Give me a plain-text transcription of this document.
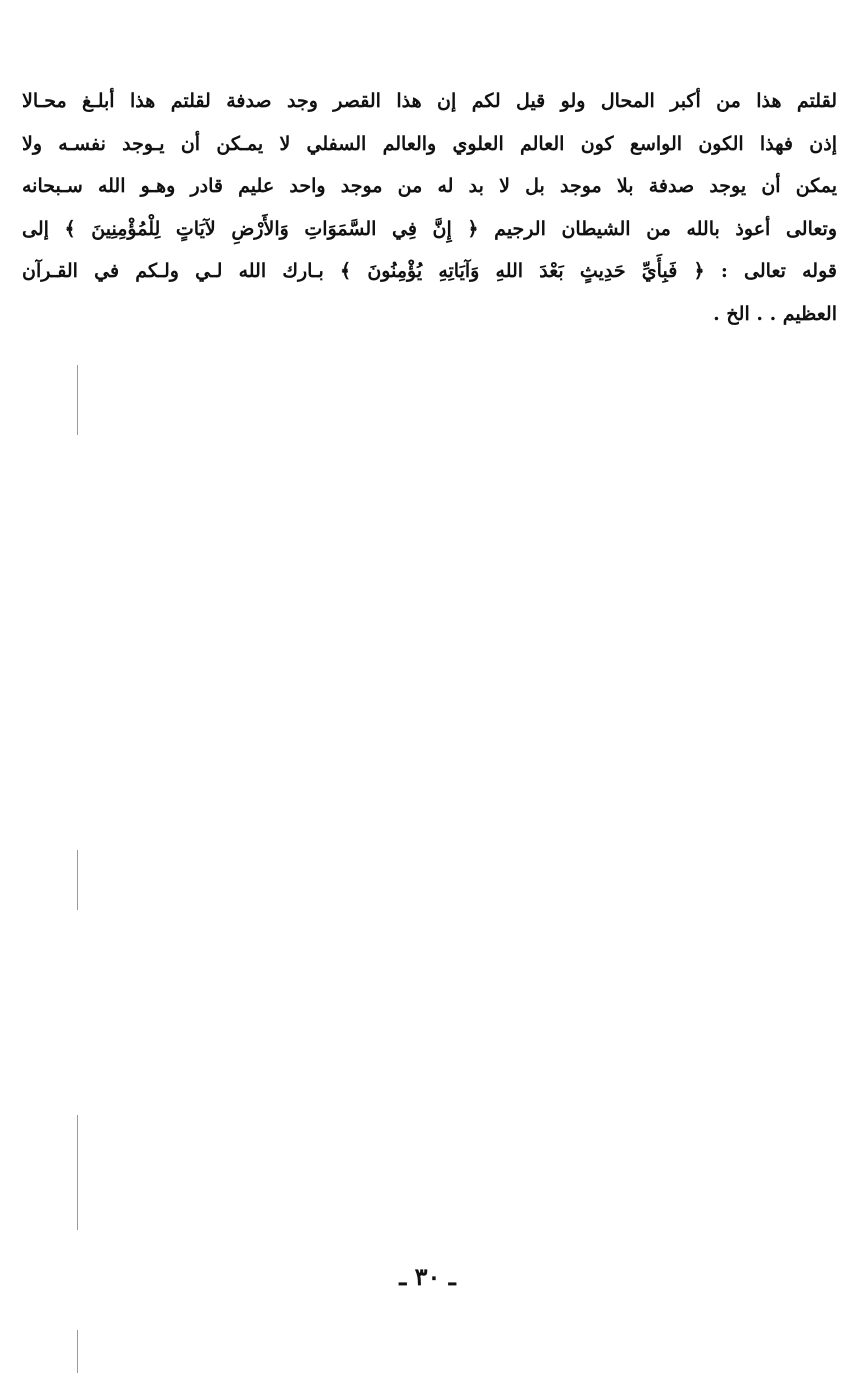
لقلتم هذا من أكبر المحال ولو قيل لكم إن هذا القصر وجد صدفة لقلتم هذا أبلـغ محـالا
إذن فهذا الكون الواسع كون العالم العلوي والعالم السفلي لا يمـكن أن يـوجد نفسـه ولا
يمكن أن يوجد صدفة بلا موجد بل لا بد له من موجد واحد عليم قادر وهـو الله سـبحانه
وتعالى أعوذ بالله من الشيطان الرجيم ﴿ إِنَّ فِي السَّمَوَاتِ وَالأَرْضِ لآيَاتٍ لِلْمُؤْمِنِينَ ﴾ إلى
قوله تعالى : ﴿ فَبِأَيِّ حَدِيثٍ بَعْدَ اللهِ وَآيَاتِهِ يُؤْمِنُونَ ﴾ بـارك الله لـي ولـكم في القـرآن
العظيم . . الخ .
ـ ٣٠ ـ
